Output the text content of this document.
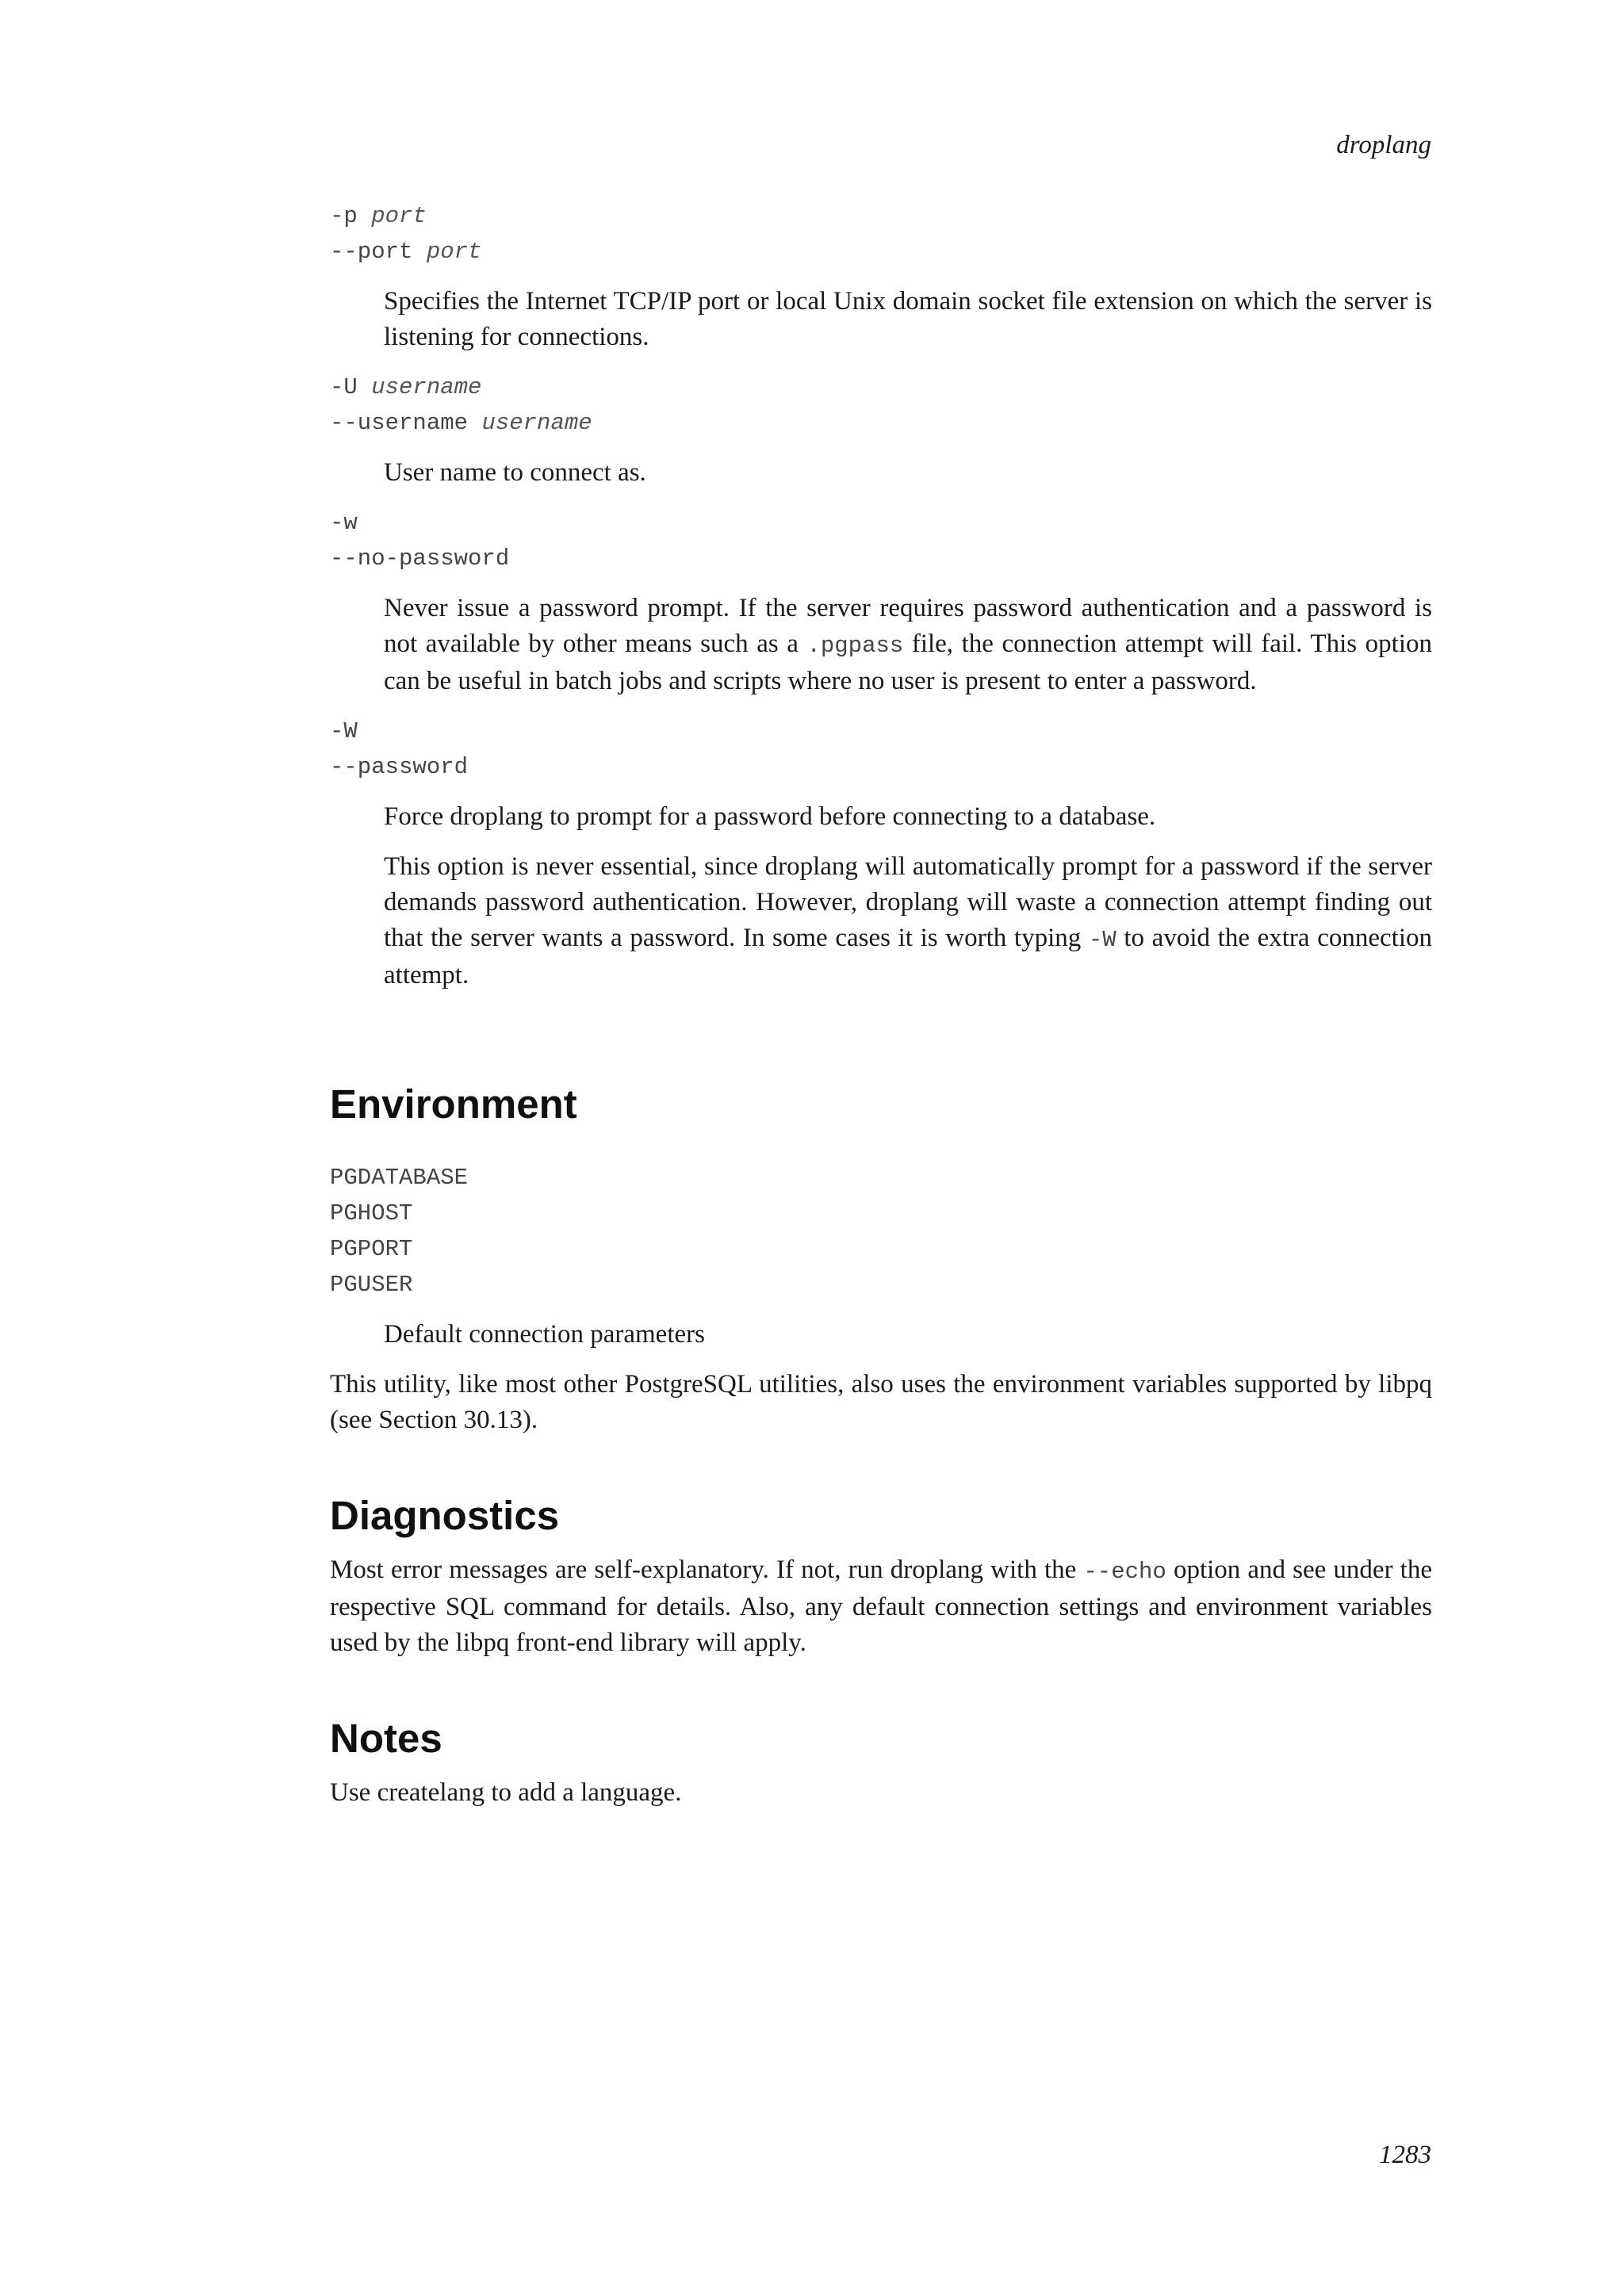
droplang
-p port
--port port
Specifies the Internet TCP/IP port or local Unix domain socket file extension on which the server is listening for connections.
-U username
--username username
User name to connect as.
-w
--no-password
Never issue a password prompt. If the server requires password authentication and a password is not available by other means such as a .pgpass file, the connection attempt will fail. This option can be useful in batch jobs and scripts where no user is present to enter a password.
-W
--password
Force droplang to prompt for a password before connecting to a database.
This option is never essential, since droplang will automatically prompt for a password if the server demands password authentication. However, droplang will waste a connection attempt finding out that the server wants a password. In some cases it is worth typing -W to avoid the extra connection attempt.
Environment
PGDATABASE
PGHOST
PGPORT
PGUSER
Default connection parameters
This utility, like most other PostgreSQL utilities, also uses the environment variables supported by libpq (see Section 30.13).
Diagnostics
Most error messages are self-explanatory. If not, run droplang with the --echo option and see under the respective SQL command for details. Also, any default connection settings and environment variables used by the libpq front-end library will apply.
Notes
Use createlang to add a language.
1283
